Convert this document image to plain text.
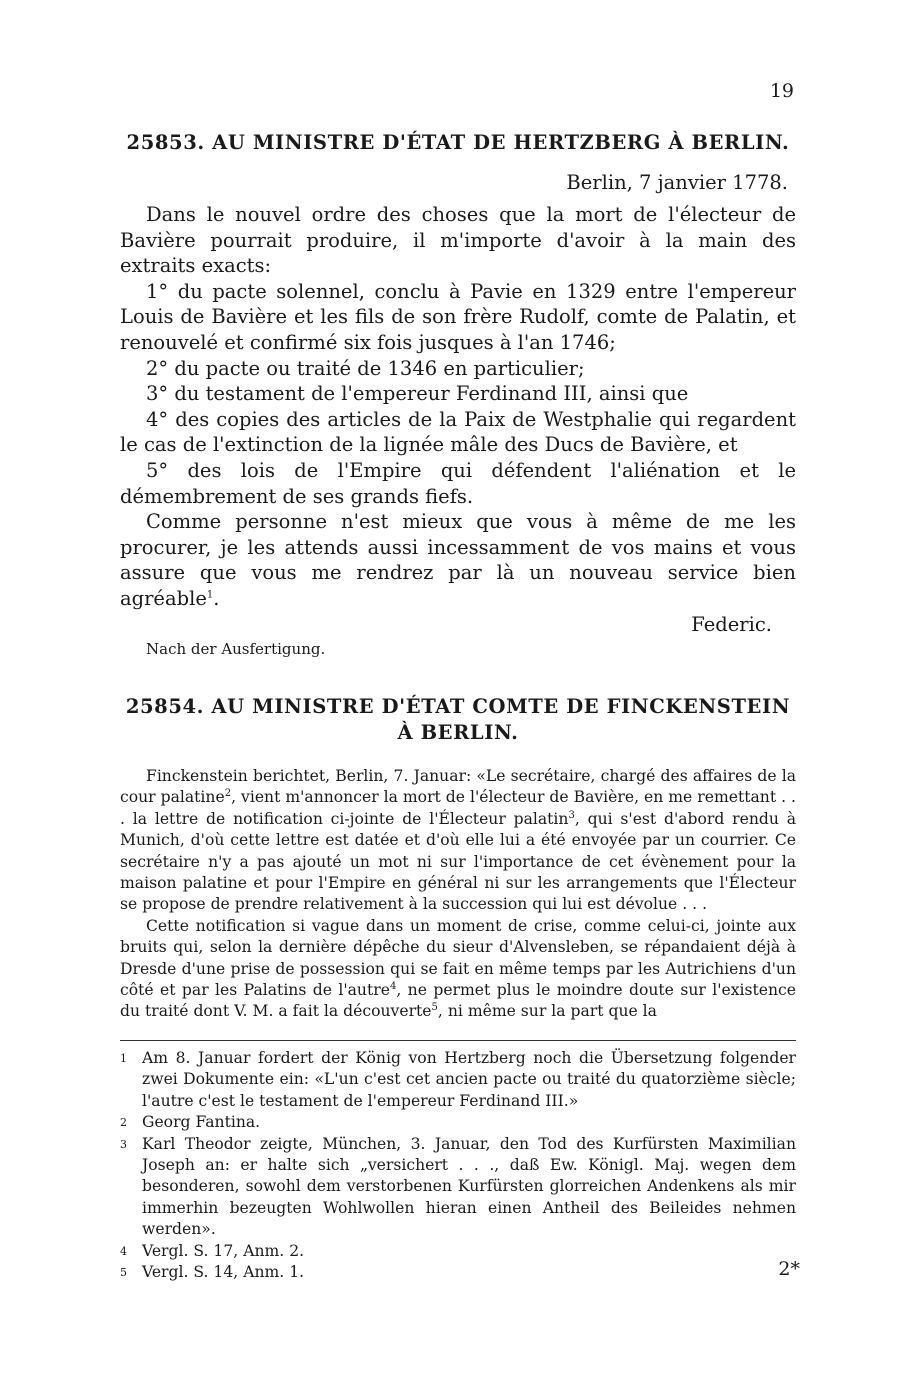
19
25853. AU MINISTRE D'ÉTAT DE HERTZBERG À BERLIN.
Berlin, 7 janvier 1778.

Dans le nouvel ordre des choses que la mort de l'électeur de Bavière pourrait produire, il m'importe d'avoir à la main des extraits exacts:

1° du pacte solennel, conclu à Pavie en 1329 entre l'empereur Louis de Bavière et les fils de son frère Rudolf, comte de Palatin, et renouvelé et confirmé six fois jusques à l'an 1746;

2° du pacte ou traité de 1346 en particulier;

3° du testament de l'empereur Ferdinand III, ainsi que

4° des copies des articles de la Paix de Westphalie qui regardent le cas de l'extinction de la lignée mâle des Ducs de Bavière, et

5° des lois de l'Empire qui défendent l'aliénation et le démembrement de ses grands fiefs.

Comme personne n'est mieux que vous à même de me les procurer, je les attends aussi incessamment de vos mains et vous assure que vous me rendrez par là un nouveau service bien agréable$^1$.

Federic.
Nach der Ausfertigung.
25854. AU MINISTRE D'ÉTAT COMTE DE FINCKENSTEIN
À BERLIN.

Finckenstein berichtet, Berlin, 7. Januar: «Le secrétaire, chargé des affaires de la cour palatine$^2$, vient m'annoncer la mort de l'électeur de Bavière, en me remettant . . . la lettre de notification ci-jointe de l'Électeur palatin$^3$, qui s'est d'abord rendu à Munich, d'où cette lettre est datée et d'où elle lui a été envoyée par un courrier. Ce secrétaire n'y a pas ajouté un mot ni sur l'importance de cet évènement pour la maison palatine et pour l'Empire en général ni sur les arrangements que l'Électeur se propose de prendre relativement à la succession qui lui est dévolue . . .

Cette notification si vague dans un moment de crise, comme celui-ci, jointe aux bruits qui, selon la dernière dépêche du sieur d'Alvensleben, se répandaient déjà à Dresde d'une prise de possession qui se fait en même temps par les Autrichiens d'un côté et par les Palatins de l'autre$^4$, ne permet plus le moindre doute sur l'existence du traité dont V. M. a fait la découverte$^5$, ni même sur la part que la

1 Am 8. Januar fordert der König von Hertzberg noch die Übersetzung folgender zwei Dokumente ein: «L'un c'est cet ancien pacte ou traité du quatorzième siècle; l'autre c'est le testament de l'empereur Ferdinand III.»
2 Georg Fantina.
3 Karl Theodor zeigte, München, 3. Januar, den Tod des Kurfürsten Maximilian Joseph an: er halte sich „versichert . . ., daß Ew. Königl. Maj. wegen dem besonderen, sowohl dem verstorbenen Kurfürsten glorreichen Andenkens als mir immerhin bezeugten Wohlwollen hieran einen Antheil des Beileides nehmen werden».
4 Vergl. S. 17, Anm. 2.
5 Vergl. S. 14, Anm. 1.	2*
